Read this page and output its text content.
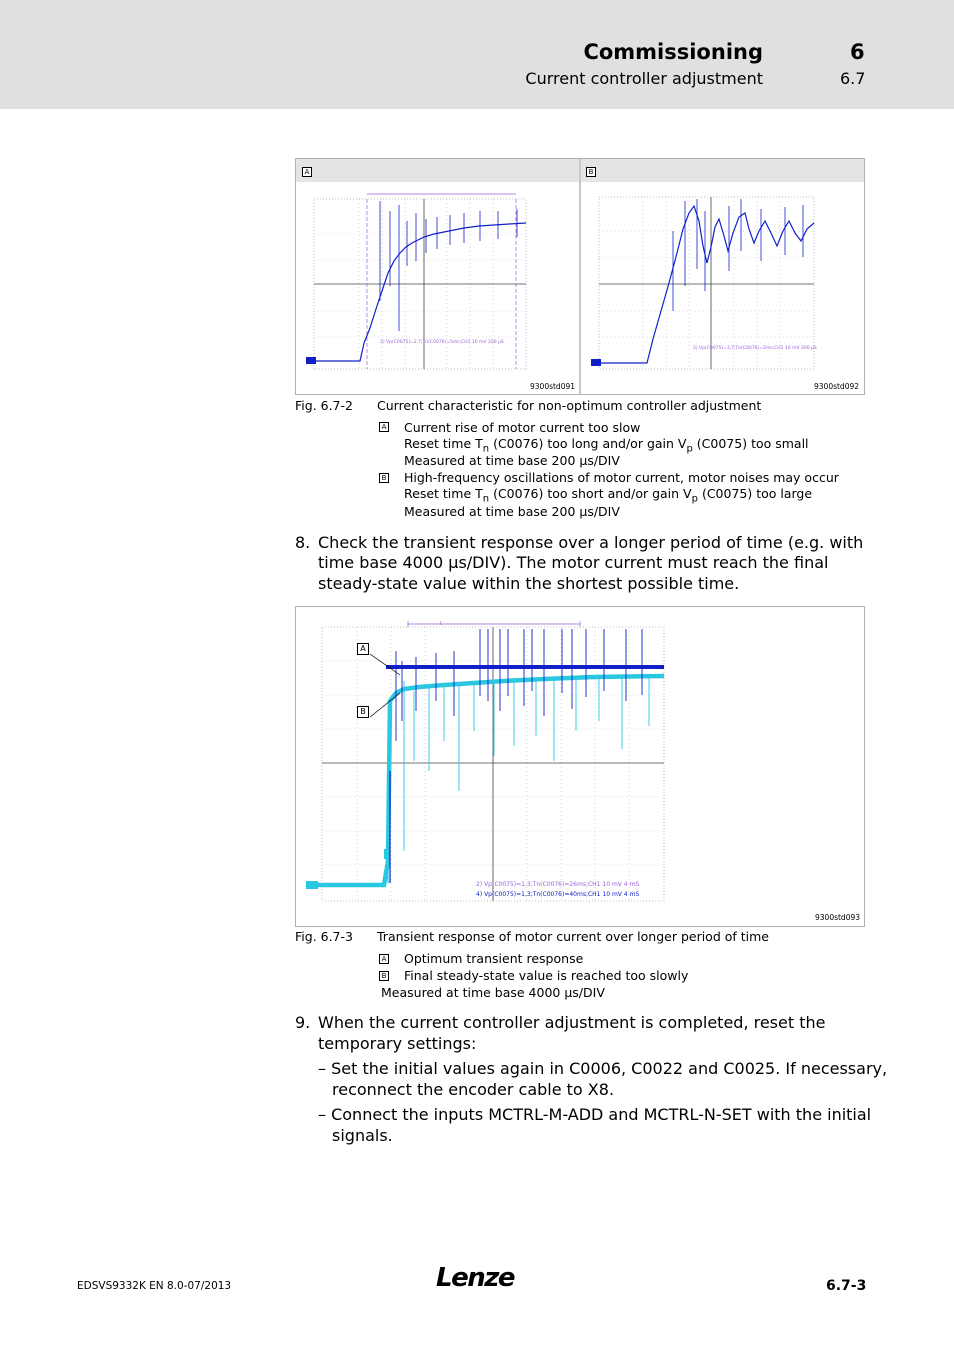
Commissioning	6
Current controller adjustment	6.7
A	B
2) Vp(C0075)=2,7;Tn(C0076)=5ms;CH1 10 mV 200 µS
2) Vp(C0075)=3,7;Tn(C0076)=2ms;CH1 10 mV 200 µS
9300std091	9300std092
Fig. 6.7-2 Current characteristic for non-optimum controller adjustment
A Current rise of motor current too slow
Reset time $T_n$ (C0076) too long and/or gain $V_p$ (C0075) too small
Measured at time base 200 µs/DIV
B High-frequency oscillations of motor current, motor noises may occur
Reset time $T_n$ (C0076) too short and/or gain $V_p$ (C0075) too large
Measured at time base 200 µs/DIV
8. Check the transient response over a longer period of time (e.g. with
time base 4000 µs/DIV). The motor current must reach the final
steady-state value within the shortest possible time.
T
2) Vp(C0075)=1,3;Tn(C0076)=26ms;CH1 10 mV 4 mS
4) Vp(C0075)=1,3;Tn(C0076)=40ms;CH1 10 mV 4 mS
A
B
9300std093
Fig. 6.7-3 Transient response of motor current over longer period of time
A Optimum transient response
B Final steady-state value is reached too slowly
Measured at time base 4000 µs/DIV
9. When the current controller adjustment is completed, reset the
temporary settings:
– Set the initial values again in C0006, C0022 and C0025. If necessary,
reconnect the encoder cable to X8.
– Connect the inputs MCTRL-M-ADD and MCTRL-N-SET with the initial
signals.
EDSVS9332K EN 8.0-07/2013	Lenze	6.7-3
